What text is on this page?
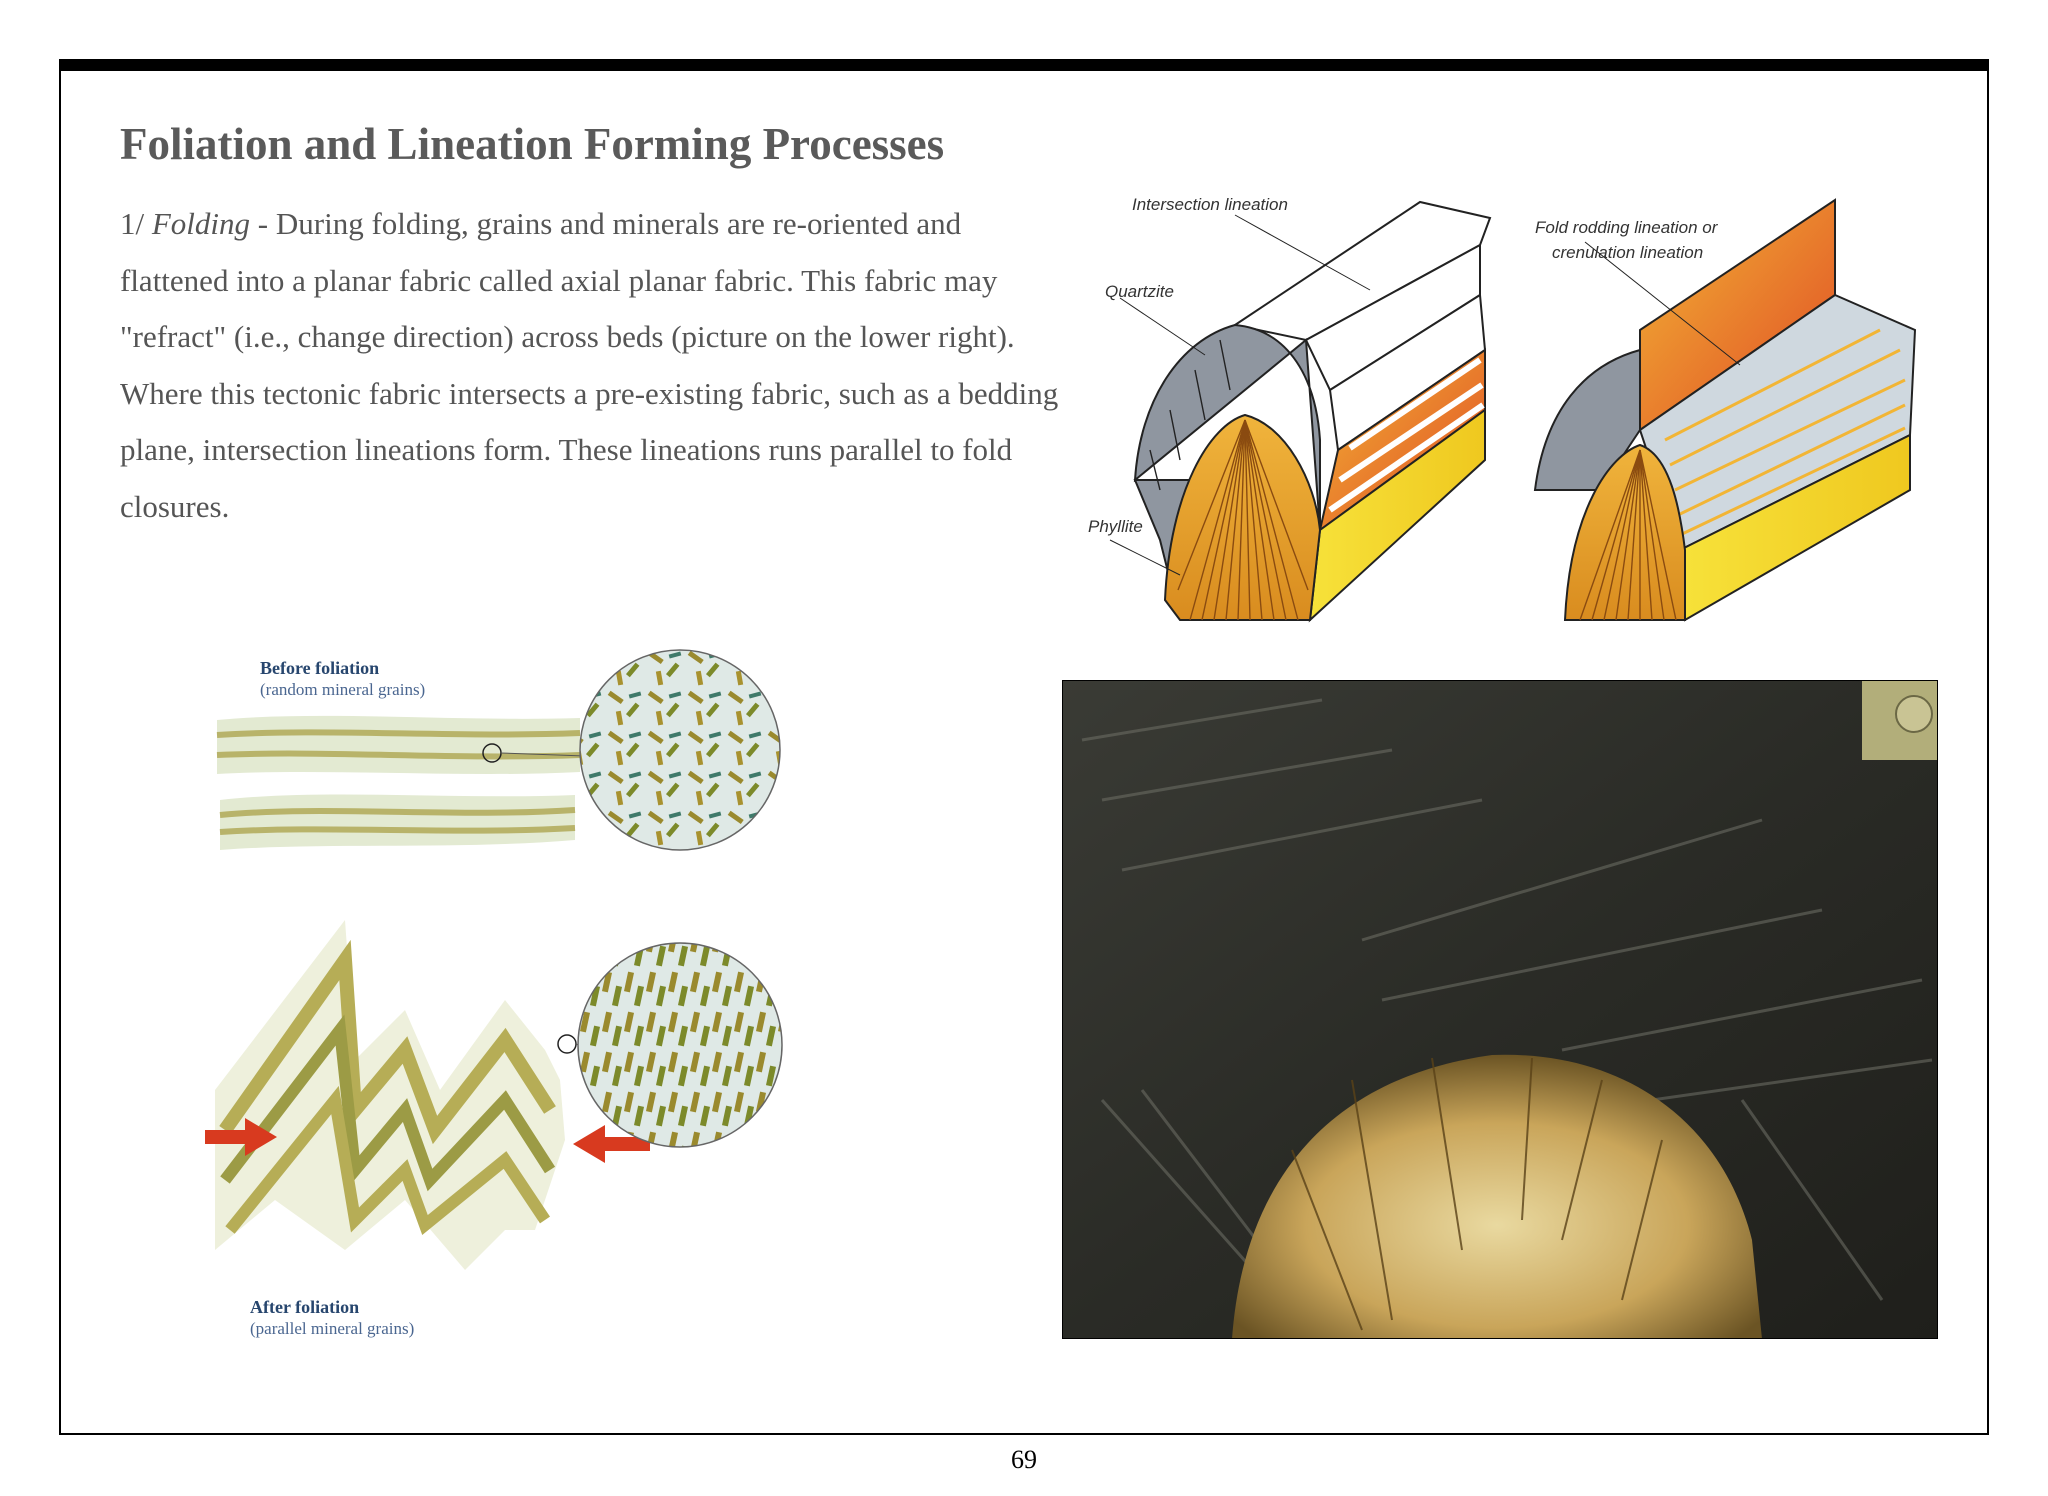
Foliation and Lineation Forming Processes
1/ Folding - During folding, grains and minerals are re-oriented and flattened into a planar fabric called axial planar fabric. This fabric may "refract" (i.e., change direction) across beds (picture on the lower right). Where this tectonic fabric intersects a pre-existing fabric, such as a bedding plane, intersection lineations form. These lineations runs parallel to fold closures.
Intersection lineation
Quartzite
Phyllite
Fold rodding lineation or
crenulation lineation
Before foliation
(random mineral grains)
After foliation
(parallel mineral grains)
69
